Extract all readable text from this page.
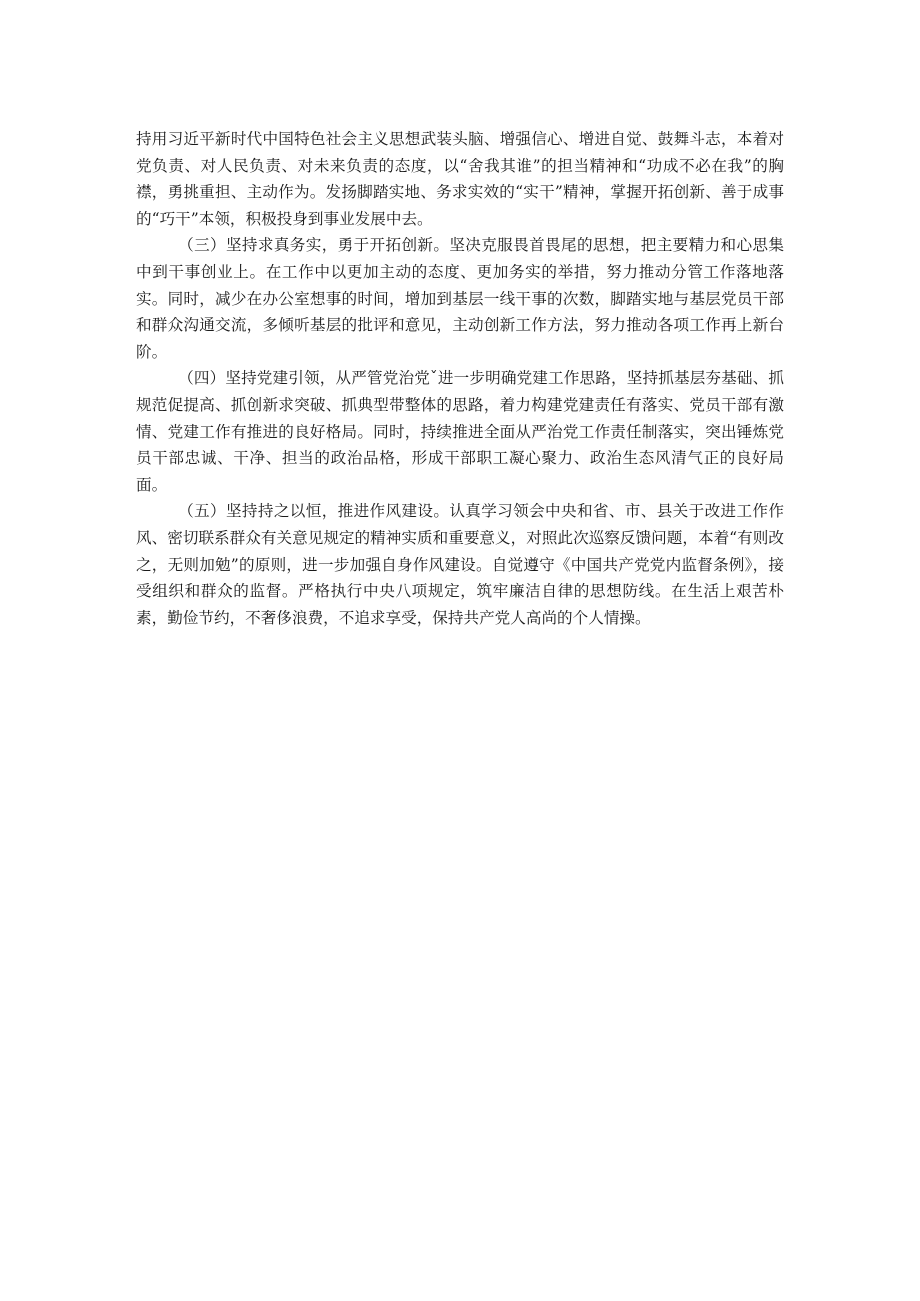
持用习近平新时代中国特色社会主义思想武装头脑、增强信心、增进自觉、鼓舞斗志，本着对党负责、对人民负责、对未来负责的态度，以“舍我其谁”的担当精神和“功成不必在我”的胸襟，勇挑重担、主动作为。发扬脚踏实地、务求实效的“实干”精神，掌握开拓创新、善于成事的“巧干”本领，积极投身到事业发展中去。

（三）坚持求真务实，勇于开拓创新。坚决克服畏首畏尾的思想，把主要精力和心思集中到干事创业上。在工作中以更加主动的态度、更加务实的举措，努力推动分管工作落地落实。同时，减少在办公室想事的时间，增加到基层一线干事的次数，脚踏实地与基层党员干部和群众沟通交流，多倾听基层的批评和意见，主动创新工作方法，努力推动各项工作再上新台阶。

（四）坚持党建引领，从严管党治党ˇ进一步明确党建工作思路，坚持抓基层夯基础、抓规范促提高、抓创新求突破、抓典型带整体的思路，着力构建党建责任有落实、党员干部有激情、党建工作有推进的良好格局。同时，持续推进全面从严治党工作责任制落实，突出锤炼党员干部忠诚、干净、担当的政治品格，形成干部职工凝心聚力、政治生态风清气正的良好局面。

（五）坚持持之以恒，推进作风建设。认真学习领会中央和省、市、县关于改进工作作风、密切联系群众有关意见规定的精神实质和重要意义，对照此次巡察反馈问题，本着“有则改之，无则加勉”的原则，进一步加强自身作风建设。自觉遵守《中国共产党党内监督条例》，接受组织和群众的监督。严格执行中央八项规定，筑牢廉洁自律的思想防线。在生活上艰苦朴素，勤俭节约，不奢侈浪费，不追求享受，保持共产党人高尚的个人情操。
